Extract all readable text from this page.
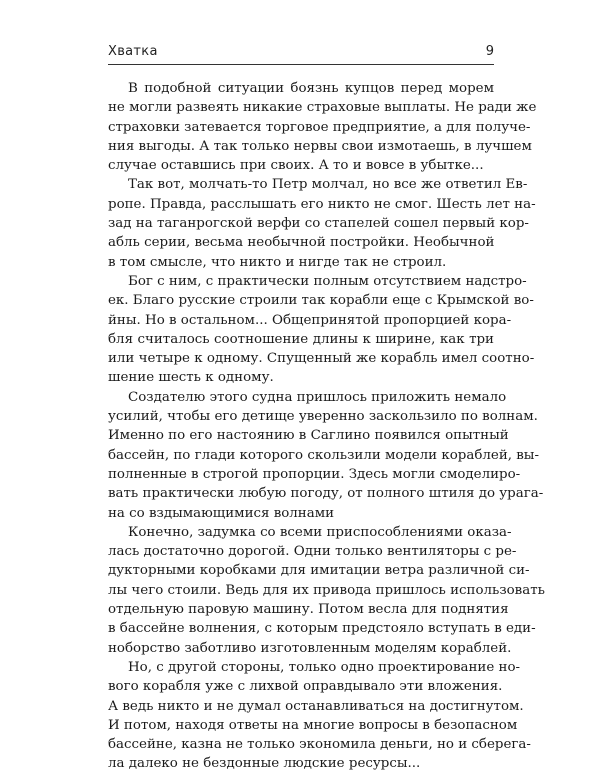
Хватка	9
В подобной ситуации боязнь купцов перед морем
не могли развеять никакие страховые выплаты. Не ради же
страховки затевается торговое предприятие, а для получе-
ния выгоды. А так только нервы свои измотаешь, в лучшем
случае оставшись при своих. А то и вовсе в убытке...
Так вот, молчать-то Петр молчал, но все же ответил Ев-
ропе. Правда, расслышать его никто не смог. Шесть лет на-
зад на таганрогской верфи со стапелей сошел первый кор-
абль серии, весьма необычной постройки. Необычной
в том смысле, что никто и нигде так не строил.
Бог с ним, с практически полным отсутствием надстро-
ек. Благо русские строили так корабли еще с Крымской во-
йны. Но в остальном... Общепринятой пропорцией кора-
бля считалось соотношение длины к ширине, как три
или четыре к одному. Спущенный же корабль имел соотно-
шение шесть к одному.
Создателю этого судна пришлось приложить немало
усилий, чтобы его детище уверенно заскользило по волнам.
Именно по его настоянию в Саглино появился опытный
бассейн, по глади которого скользили модели кораблей, вы-
полненные в строгой пропорции. Здесь могли смоделиро-
вать практически любую погоду, от полного штиля до урага-
на со вздымающимися волнами
Конечно, задумка со всеми приспособлениями оказа-
лась достаточно дорогой. Одни только вентиляторы с ре-
дукторными коробками для имитации ветра различной си-
лы чего стоили. Ведь для их привода пришлось использовать
отдельную паровую машину. Потом весла для поднятия
в бассейне волнения, с которым предстояло вступать в еди-
ноборство заботливо изготовленным моделям кораблей.
Но, с другой стороны, только одно проектирование но-
вого корабля уже с лихвой оправдывало эти вложения.
А ведь никто и не думал останавливаться на достигнутом.
И потом, находя ответы на многие вопросы в безопасном
бассейне, казна не только экономила деньги, но и сберега-
ла далеко не бездонные людские ресурсы...
